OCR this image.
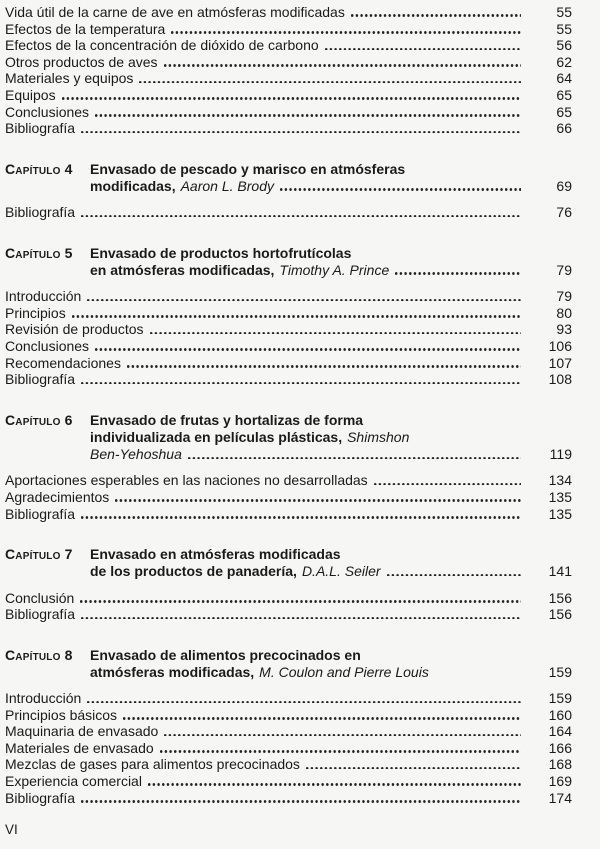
Vida útil de la carne de ave en atmósferas modificadas	55
Efectos de la temperatura	55
Efectos de la concentración de dióxido de carbono	56
Otros productos de aves	62
Materiales y equipos	64
Equipos	65
Conclusiones	65
Bibliografía	66
Capítulo 4	Envasado de pescado y marisco en atmósferas
modificadas, Aaron L. Brody	69
Bibliografía	76
Capítulo 5	Envasado de productos hortofrutícolas
en atmósferas modificadas, Timothy A. Prince	79
Introducción	79
Principios	80
Revisión de productos	93
Conclusiones	106
Recomendaciones	107
Bibliografía	108
Capítulo 6	Envasado de frutas y hortalizas de forma
individualizada en películas plásticas, Shimshon
Ben-Yehoshua	119
Aportaciones esperables en las naciones no desarrolladas	134
Agradecimientos	135
Bibliografía	135
Capítulo 7	Envasado en atmósferas modificadas
de los productos de panadería, D.A.L. Seiler	141
Conclusión	156
Bibliografía	156
Capítulo 8	Envasado de alimentos precocinados en
atmósferas modificadas, M. Coulon and Pierre Louis	159
Introducción	159
Principios básicos	160
Maquinaria de envasado	164
Materiales de envasado	166
Mezclas de gases para alimentos precocinados	168
Experiencia comercial	169
Bibliografía	174
VI
